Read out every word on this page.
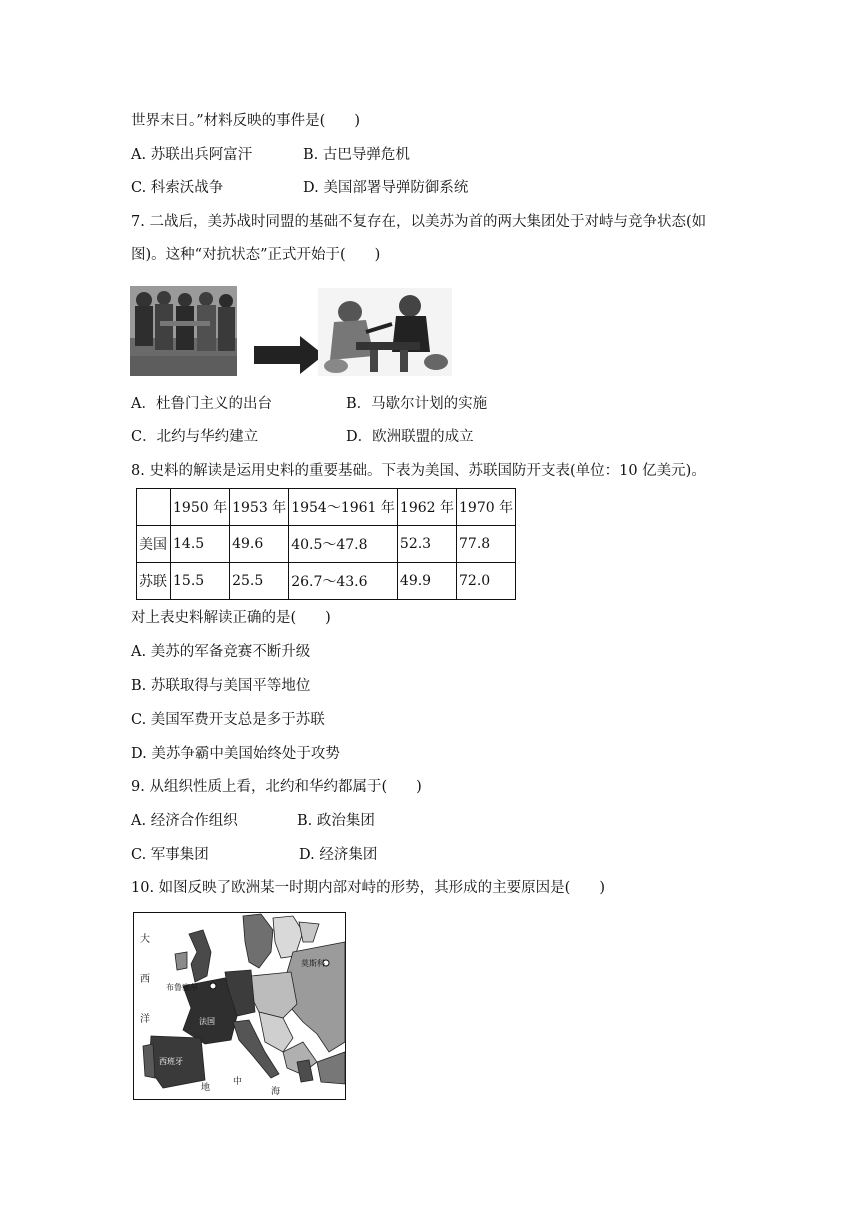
世界末日。”材料反映的事件是(　　)
A. 苏联出兵阿富汗	B. 古巴导弹危机
C. 科索沃战争	D. 美国部署导弹防御系统
7. 二战后，美苏战时同盟的基础不复存在，以美苏为首的两大集团处于对峙与竞争状态(如
图)。这种“对抗状态”正式开始于(　　)
A．杜鲁门主义的出台	B．马歇尔计划的实施
C．北约与华约建立	D．欧洲联盟的成立
8. 史料的解读是运用史料的重要基础。下表为美国、苏联国防开支表(单位：10 亿美元)。
	1950 年	1953 年	1954～1961 年	1962 年	1970 年
美国	14.5	49.6	40.5～47.8	52.3	77.8
苏联	15.5	25.5	26.7～43.6	49.9	72.0
对上表史料解读正确的是(　　)
A. 美苏的军备竞赛不断升级
B. 苏联取得与美国平等地位
C. 美国军费开支总是多于苏联
D. 美苏争霸中美国始终处于攻势
9. 从组织性质上看，北约和华约都属于(　　)
A. 经济合作组织	B. 政治集团
C. 军事集团	D. 经济集团
10. 如图反映了欧洲某一时期内部对峙的形势，其形成的主要原因是(　　)
大
西
洋
布鲁塞尔
莫斯科
法国
西班牙
地
中
海
